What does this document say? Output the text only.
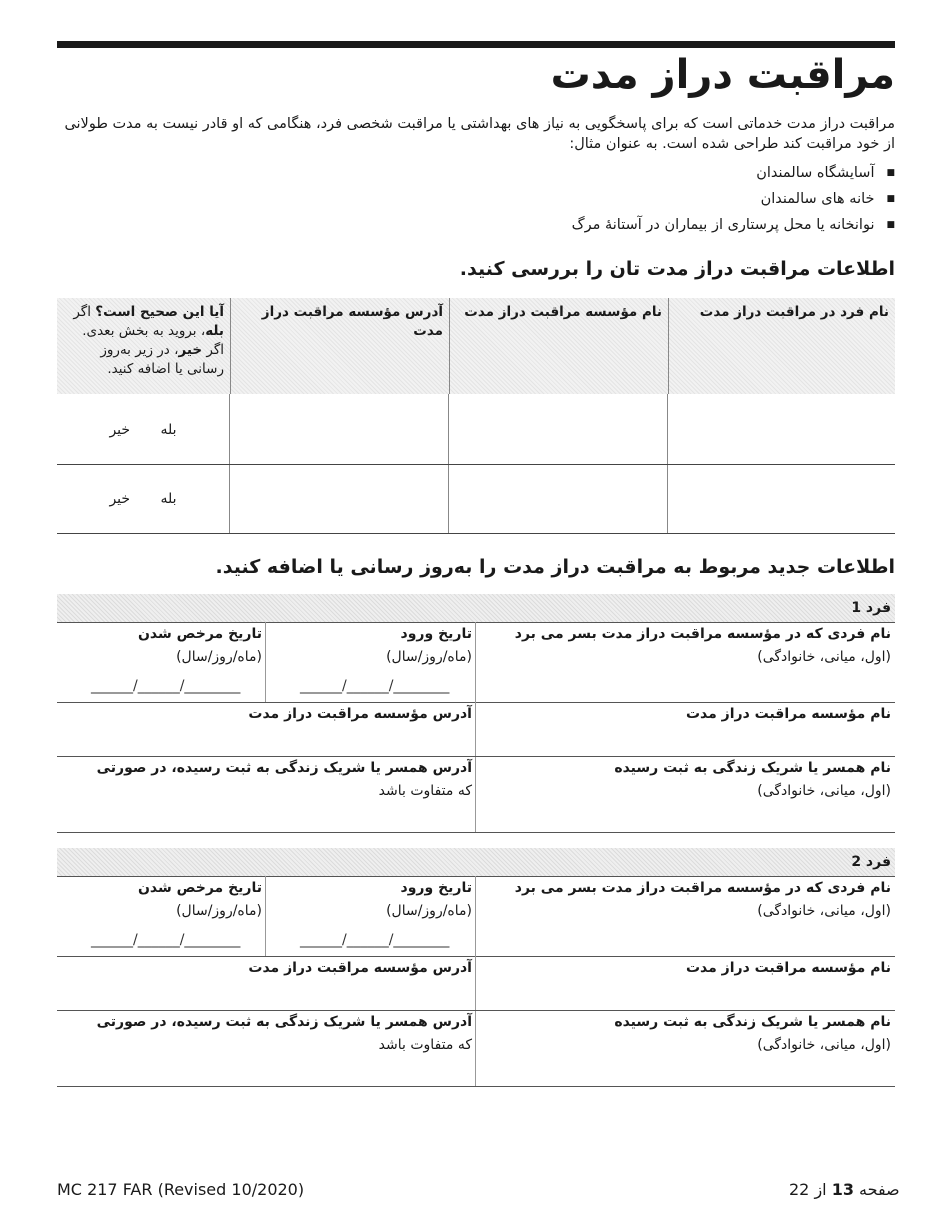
مراقبت دراز مدت

مراقبت دراز مدت خدماتی است که برای پاسخگویی به نیاز های بهداشتی یا مراقبت شخصی فرد، هنگامی که او قادر نیست به مدت طولانی از خود مراقبت کند طراحی شده است. به عنوان مثال:

■ آسایشگاه سالمندان
■ خانه های سالمندان
■ نوانخانه یا محل پرستاری از بیماران در آستانهٔ مرگ
اطلاعات مراقبت دراز مدت تان را بررسی کنید.
نام فرد در مراقبت دراز مدت
نام مؤسسه مراقبت دراز مدت
آدرس مؤسسه مراقبت دراز مدت
آیا این صحیح است؟ اگر بله، بروید به بخش بعدی. اگر خیر، در زیر به‌روز رسانی یا اضافه کنید.
بله خیر
بله خیر
اطلاعات جدید مربوط به مراقبت دراز مدت را به‌روز رسانی یا اضافه کنید.
فرد 1
نام فردی که در مؤسسه مراقبت دراز مدت بسر می برد
(اول، میانی، خانوادگی)
تاریخ ورود
(ماه/روز/سال)
______/______/________
تاریخ مرخص شدن
(ماه/روز/سال)
______/______/________
نام مؤسسه مراقبت دراز مدت
آدرس مؤسسه مراقبت دراز مدت
نام همسر یا شریک زندگی به ثبت رسیده
(اول، میانی، خانوادگی)
آدرس همسر یا شریک زندگی به ثبت رسیده، در صورتی
که متفاوت باشد
فرد 2
نام فردی که در مؤسسه مراقبت دراز مدت بسر می برد
(اول، میانی، خانوادگی)
تاریخ ورود
(ماه/روز/سال)
______/______/________
تاریخ مرخص شدن
(ماه/روز/سال)
______/______/________
نام مؤسسه مراقبت دراز مدت
آدرس مؤسسه مراقبت دراز مدت
نام همسر یا شریک زندگی به ثبت رسیده
(اول، میانی، خانوادگی)
آدرس همسر یا شریک زندگی به ثبت رسیده، در صورتی
که متفاوت باشد
MC 217 FAR (Revised 10/2020)	صفحه 13 از 22
